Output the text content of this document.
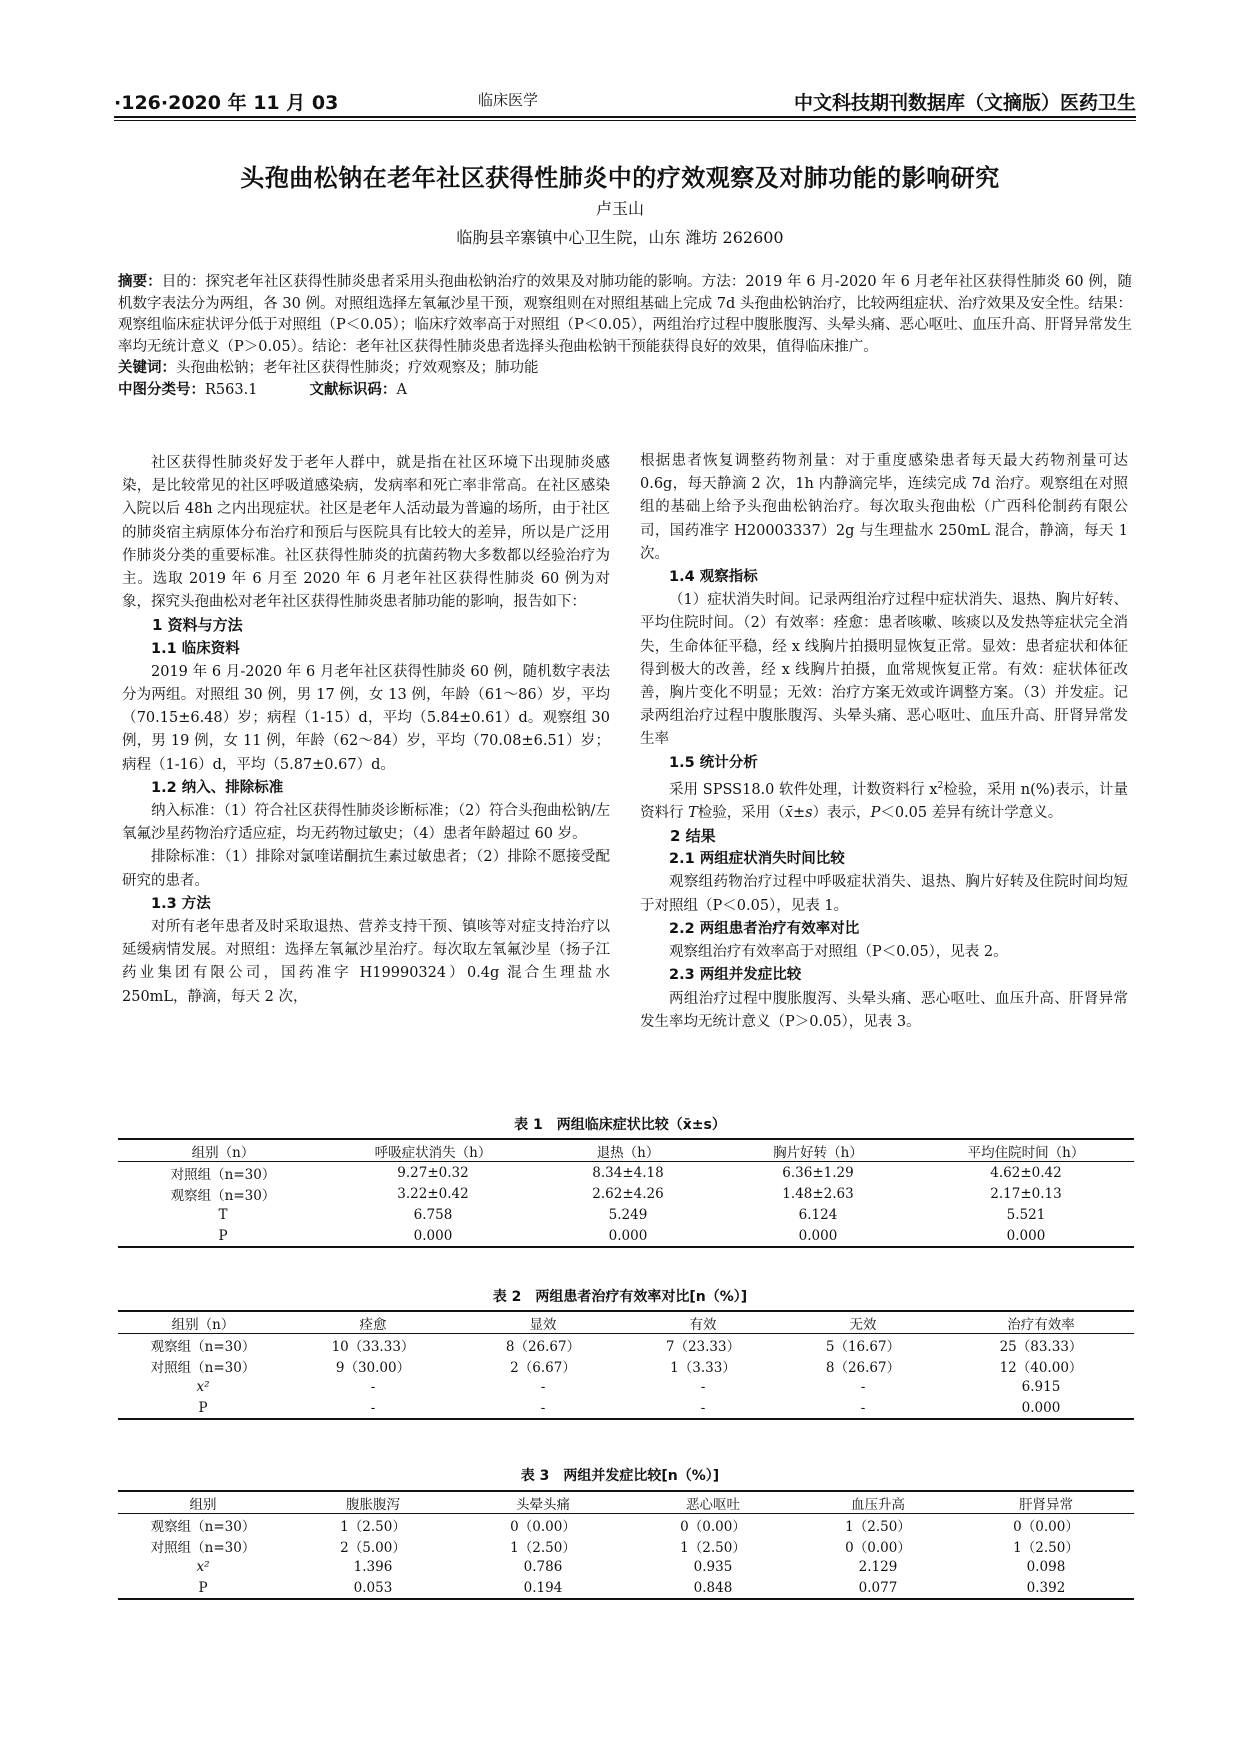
·126·2020 年 11 月 03	临床医学	中文科技期刊数据库（文摘版）医药卫生
头孢曲松钠在老年社区获得性肺炎中的疗效观察及对肺功能的影响研究
卢玉山
临朐县辛寨镇中心卫生院，山东 潍坊 262600

摘要：目的：探究老年社区获得性肺炎患者采用头孢曲松钠治疗的效果及对肺功能的影响。方法：2019 年 6 月-2020 年 6 月老年社区获得性肺炎 60 例，随机数字表法分为两组，各 30 例。对照组选择左氧氟沙星干预，观察组则在对照组基础上完成 7d 头孢曲松钠治疗，比较两组症状、治疗效果及安全性。结果：观察组临床症状评分低于对照组（P＜0.05）；临床疗效率高于对照组（P＜0.05），两组治疗过程中腹胀腹泻、头晕头痛、恶心呕吐、血压升高、肝肾异常发生率均无统计意义（P＞0.05）。结论：老年社区获得性肺炎患者选择头孢曲松钠干预能获得良好的效果，值得临床推广。

关键词：头孢曲松钠；老年社区获得性肺炎；疗效观察及；肺功能

中图分类号：R563.1	文献标识码：A

社区获得性肺炎好发于老年人群中，就是指在社区环境下出现肺炎感染，是比较常见的社区呼吸道感染病，发病率和死亡率非常高。在社区感染入院以后 48h 之内出现症状。社区是老年人活动最为普遍的场所，由于社区的肺炎宿主病原体分布治疗和预后与医院具有比较大的差异，所以是广泛用作肺炎分类的重要标准。社区获得性肺炎的抗菌药物大多数都以经验治疗为主。选取 2019 年 6 月至 2020 年 6 月老年社区获得性肺炎 60 例为对象，探究头孢曲松对老年社区获得性肺炎患者肺功能的影响，报告如下：

1 资料与方法
1.1 临床资料

2019 年 6 月-2020 年 6 月老年社区获得性肺炎 60 例，随机数字表法分为两组。对照组 30 例，男 17 例，女 13 例，年龄（61～86）岁，平均（70.15±6.48）岁；病程（1-15）d，平均（5.84±0.61）d。观察组 30 例，男 19 例，女 11 例，年龄（62～84）岁，平均（70.08±6.51）岁；病程（1-16）d，平均（5.87±0.67）d。

1.2 纳入、排除标准

纳入标准：（1）符合社区获得性肺炎诊断标准；（2）符合头孢曲松钠/左氧氟沙星药物治疗适应症，均无药物过敏史；（4）患者年龄超过 60 岁。

排除标准：（1）排除对氯喹诺酮抗生素过敏患者；（2）排除不愿接受配研究的患者。

1.3 方法

对所有老年患者及时采取退热、营养支持干预、镇咳等对症支持治疗以延缓病情发展。对照组：选择左氧氟沙星治疗。每次取左氧氟沙星（扬子江药业集团有限公司，国药准字 H19990324）0.4g 混合生理盐水 250mL，静滴，每天 2 次，

根据患者恢复调整药物剂量：对于重度感染患者每天最大药物剂量可达 0.6g，每天静滴 2 次，1h 内静滴完毕，连续完成 7d 治疗。观察组在对照组的基础上给予头孢曲松钠治疗。每次取头孢曲松（广西科伦制药有限公司，国药准字 H20003337）2g 与生理盐水 250mL 混合，静滴，每天 1 次。

1.4 观察指标

（1）症状消失时间。记录两组治疗过程中症状消失、退热、胸片好转、平均住院时间。（2）有效率：痊愈：患者咳嗽、咳痰以及发热等症状完全消失，生命体征平稳，经 x 线胸片拍摄明显恢复正常。显效：患者症状和体征得到极大的改善，经 x 线胸片拍摄，血常规恢复正常。有效：症状体征改善，胸片变化不明显；无效：治疗方案无效或许调整方案。（3）并发症。记录两组治疗过程中腹胀腹泻、头晕头痛、恶心呕吐、血压升高、肝肾异常发生率

1.5 统计分析

采用 SPSS18.0 软件处理，计数资料行 $x^2$检验，采用 n(%)表示，计量资料行 T检验，采用（x̄±s）表示，P＜0.05 差异有统计学意义。

2 结果
2.1 两组症状消失时间比较

观察组药物治疗过程中呼吸症状消失、退热、胸片好转及住院时间均短于对照组（P＜0.05），见表 1。

2.2 两组患者治疗有效率对比

观察组治疗有效率高于对照组（P＜0.05），见表 2。

2.3 两组并发症比较

两组治疗过程中腹胀腹泻、头晕头痛、恶心呕吐、血压升高、肝肾异常发生率均无统计意义（P＞0.05），见表 3。

表 1　两组临床症状比较（x̄±s）
组别（n）	呼吸症状消失（h）	退热（h）	胸片好转（h）	平均住院时间（h）
对照组（n=30）	9.27±0.32	8.34±4.18	6.36±1.29	4.62±0.42
观察组（n=30）	3.22±0.42	2.62±4.26	1.48±2.63	2.17±0.13
T	6.758	5.249	6.124	5.521
P	0.000	0.000	0.000	0.000
表 2　两组患者治疗有效率对比[n（%）]
组别（n）	痊愈	显效	有效	无效	治疗有效率
观察组（n=30）	10（33.33）	8（26.67）	7（23.33）	5（16.67）	25（83.33）
对照组（n=30）	9（30.00）	2（6.67）	1（3.33）	8（26.67）	12（40.00）
x²	-	-	-	-	6.915
P	-	-	-	-	0.000
表 3　两组并发症比较[n（%）]
组别	腹胀腹泻	头晕头痛	恶心呕吐	血压升高	肝肾异常
观察组（n=30）	1（2.50）	0（0.00）	0（0.00）	1（2.50）	0（0.00）
对照组（n=30）	2（5.00）	1（2.50）	1（2.50）	0（0.00）	1（2.50）
x²	1.396	0.786	0.935	2.129	0.098
P	0.053	0.194	0.848	0.077	0.392
